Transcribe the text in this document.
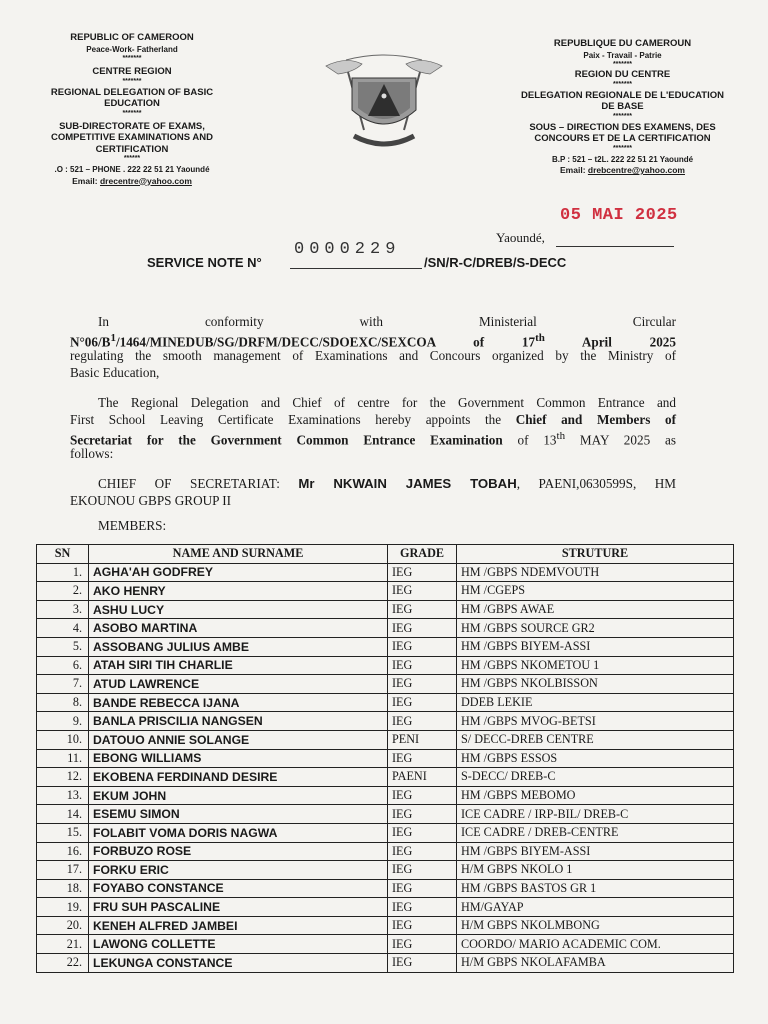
REPUBLIC OF CAMEROON
Peace-Work- Fatherland
*******
CENTRE REGION
*******
REGIONAL DELEGATION OF BASIC
EDUCATION
*******
SUB-DIRECTORATE OF EXAMS,
COMPETITIVE EXAMINATIONS AND
CERTIFICATION
******
.O : 521 – PHONE . 222 22 51 21 Yaoundé
Email: drecentre@yahoo.com
REPUBLIQUE DU CAMEROUN
Paix - Travail - Patrie
*******
REGION DU CENTRE
*******
DELEGATION REGIONALE DE L'EDUCATION
DE BASE
*******
SOUS – DIRECTION DES EXAMENS, DES
CONCOURS ET DE LA CERTIFICATION
*******
B.P : 521 – t2L. 222 22 51 21 Yaoundé
Email: drebcentre@yahoo.com
05 MAI 2025
Yaoundé,
SERVICE NOTE N°
0000229
/SN/R-C/DREB/S-DECC
In conformity with Ministerial Circular
$N^\circ 06/B^1/1464/MINEDUB/SG/DRFM/DECC/SDOEXC$/SEXCOA of 17th April 2025
regulating the smooth management of Examinations and Concours organized by the Ministry of
Basic Education,
The Regional Delegation and Chief of centre for the Government Common Entrance and
First School Leaving Certificate Examinations hereby appoints the Chief and Members of
Secretariat for the Government Common Entrance Examination of 13th MAY 2025 as
follows:
CHIEF OF SECRETARIAT: Mr NKWAIN JAMES TOBAH, PAENI,0630599S, HM
EKOUNOU GBPS GROUP II
MEMBERS:
SN	NAME AND SURNAME	GRADE	STRUTURE
1.	AGHA'AH GODFREY	IEG	HM /GBPS NDEMVOUTH
2.	AKO HENRY	IEG	HM /CGEPS
3.	ASHU LUCY	IEG	HM /GBPS AWAE
4.	ASOBO MARTINA	IEG	HM /GBPS SOURCE GR2
5.	ASSOBANG JULIUS AMBE	IEG	HM /GBPS BIYEM-ASSI
6.	ATAH SIRI TIH CHARLIE	IEG	HM /GBPS NKOMETOU 1
7.	ATUD LAWRENCE	IEG	HM /GBPS NKOLBISSON
8.	BANDE REBECCA IJANA	IEG	DDEB LEKIE
9.	BANLA PRISCILIA NANGSEN	IEG	HM /GBPS MVOG-BETSI
10.	DATOUO ANNIE SOLANGE	PENI	S/ DECC-DREB CENTRE
11.	EBONG WILLIAMS	IEG	HM /GBPS ESSOS
12.	EKOBENA FERDINAND DESIRE	PAENI	S-DECC/ DREB-C
13.	EKUM JOHN	IEG	HM /GBPS MEBOMO
14.	ESEMU SIMON	IEG	ICE CADRE / IRP-BIL/ DREB-C
15.	FOLABIT VOMA DORIS NAGWA	IEG	ICE CADRE / DREB-CENTRE
16.	FORBUZO ROSE	IEG	HM /GBPS BIYEM-ASSI
17.	FORKU ERIC	IEG	H/M GBPS NKOLO 1
18.	FOYABO CONSTANCE	IEG	HM /GBPS BASTOS GR 1
19.	FRU SUH PASCALINE	IEG	HM/GAYAP
20.	KENEH ALFRED JAMBEI	IEG	H/M GBPS NKOLMBONG
21.	LAWONG COLLETTE	IEG	COORDO/ MARIO ACADEMIC COM.
22.	LEKUNGA CONSTANCE	IEG	H/M GBPS NKOLAFAMBA
